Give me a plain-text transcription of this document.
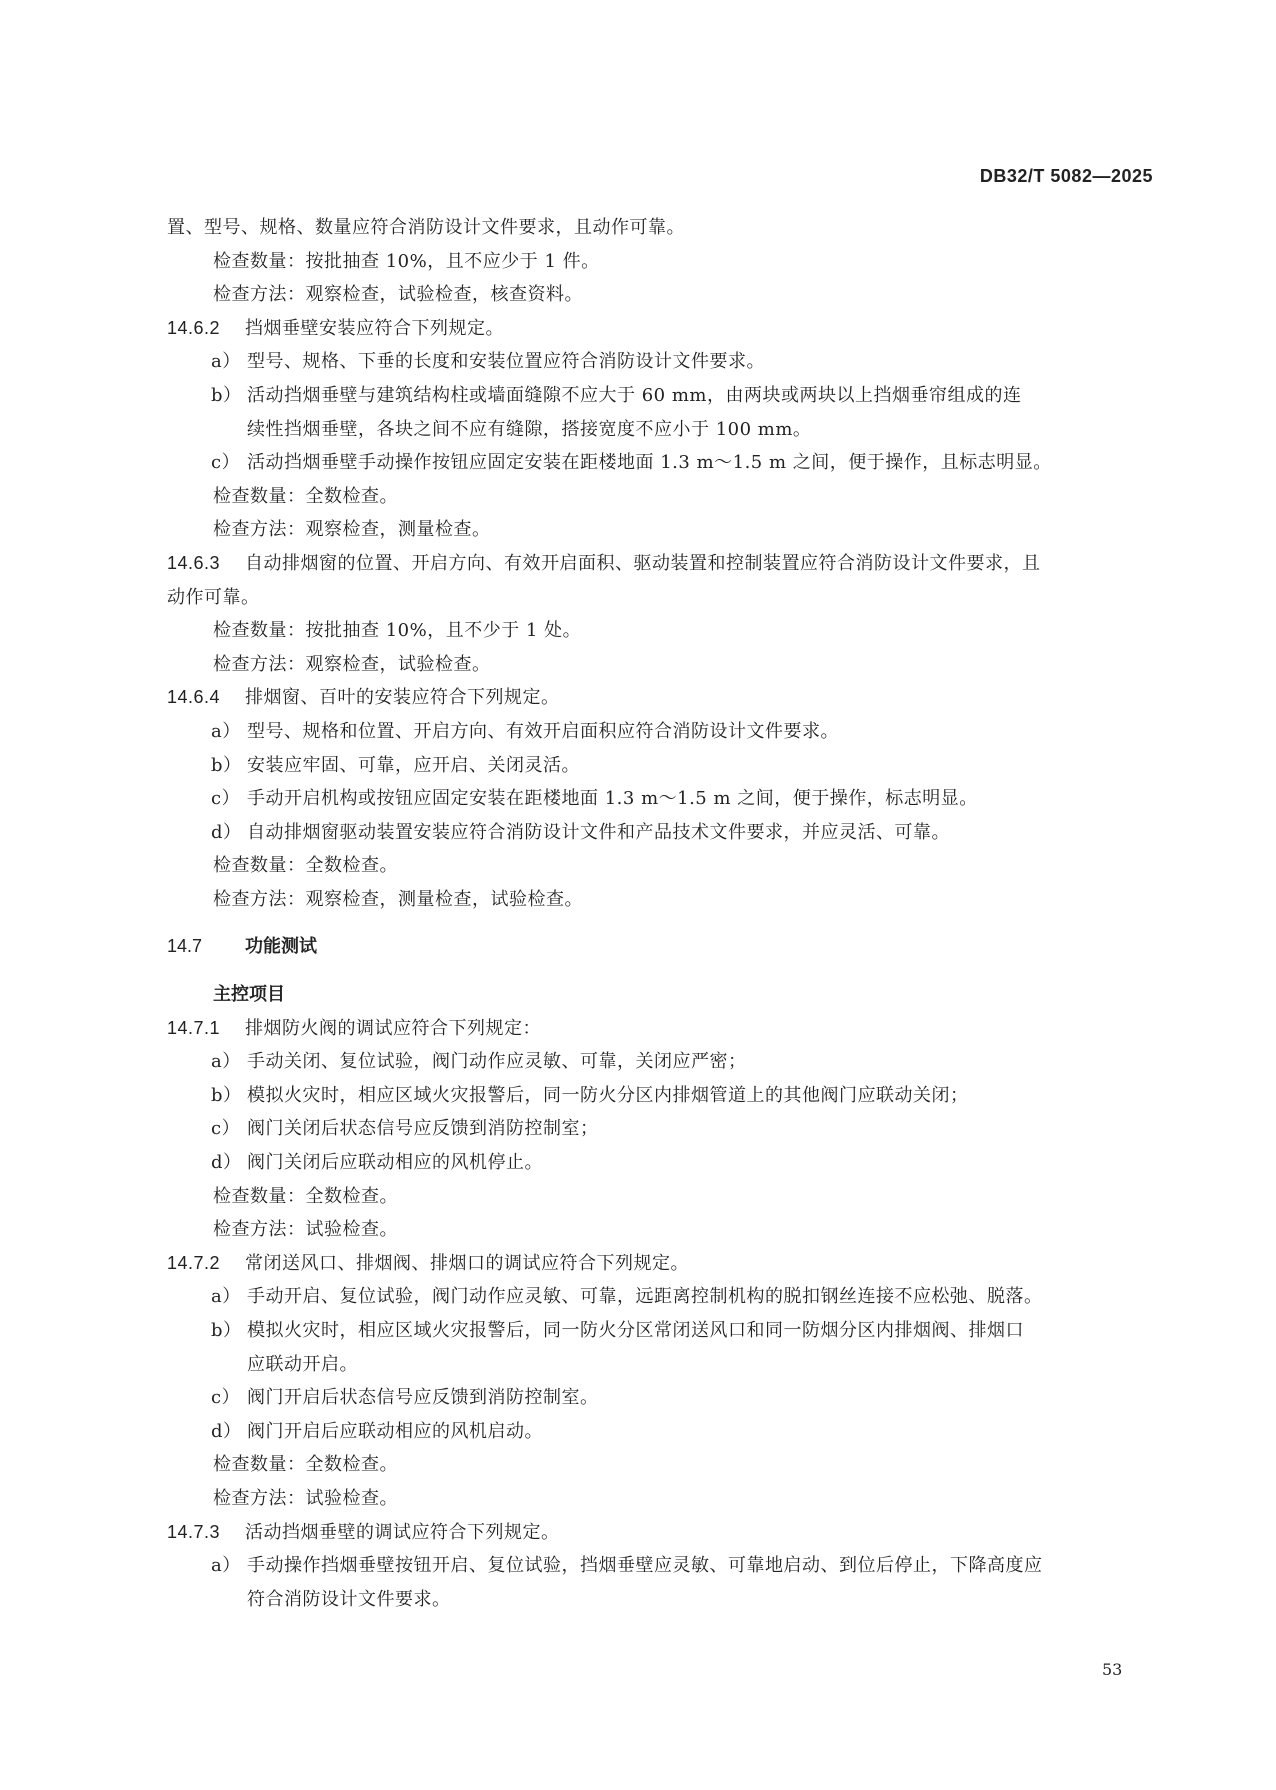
DB32/T 5082—2025
置、型号、规格、数量应符合消防设计文件要求，且动作可靠。
检查数量：按批抽查 10%，且不应少于 1 件。
检查方法：观察检查，试验检查，核查资料。
14.6.2 挡烟垂壁安装应符合下列规定。
a） 型号、规格、下垂的长度和安装位置应符合消防设计文件要求。
b） 活动挡烟垂壁与建筑结构柱或墙面缝隙不应大于 60 mm，由两块或两块以上挡烟垂帘组成的连
续性挡烟垂壁，各块之间不应有缝隙，搭接宽度不应小于 100 mm。
c） 活动挡烟垂壁手动操作按钮应固定安装在距楼地面 1.3 m～1.5 m 之间，便于操作，且标志明显。
检查数量：全数检查。
检查方法：观察检查，测量检查。
14.6.3 自动排烟窗的位置、开启方向、有效开启面积、驱动装置和控制装置应符合消防设计文件要求，且
动作可靠。
检查数量：按批抽查 10%，且不少于 1 处。
检查方法：观察检查，试验检查。
14.6.4 排烟窗、百叶的安装应符合下列规定。
a） 型号、规格和位置、开启方向、有效开启面积应符合消防设计文件要求。
b） 安装应牢固、可靠，应开启、关闭灵活。
c） 手动开启机构或按钮应固定安装在距楼地面 1.3 m～1.5 m 之间，便于操作，标志明显。
d） 自动排烟窗驱动装置安装应符合消防设计文件和产品技术文件要求，并应灵活、可靠。
检查数量：全数检查。
检查方法：观察检查，测量检查，试验检查。
14.7 功能测试
主控项目
14.7.1 排烟防火阀的调试应符合下列规定：
a） 手动关闭、复位试验，阀门动作应灵敏、可靠，关闭应严密；
b） 模拟火灾时，相应区域火灾报警后，同一防火分区内排烟管道上的其他阀门应联动关闭；
c） 阀门关闭后状态信号应反馈到消防控制室；
d） 阀门关闭后应联动相应的风机停止。
检查数量：全数检查。
检查方法：试验检查。
14.7.2 常闭送风口、排烟阀、排烟口的调试应符合下列规定。
a） 手动开启、复位试验，阀门动作应灵敏、可靠，远距离控制机构的脱扣钢丝连接不应松弛、脱落。
b） 模拟火灾时，相应区域火灾报警后，同一防火分区常闭送风口和同一防烟分区内排烟阀、排烟口
应联动开启。
c） 阀门开启后状态信号应反馈到消防控制室。
d） 阀门开启后应联动相应的风机启动。
检查数量：全数检查。
检查方法：试验检查。
14.7.3 活动挡烟垂壁的调试应符合下列规定。
a） 手动操作挡烟垂壁按钮开启、复位试验，挡烟垂壁应灵敏、可靠地启动、到位后停止，下降高度应
符合消防设计文件要求。
53
